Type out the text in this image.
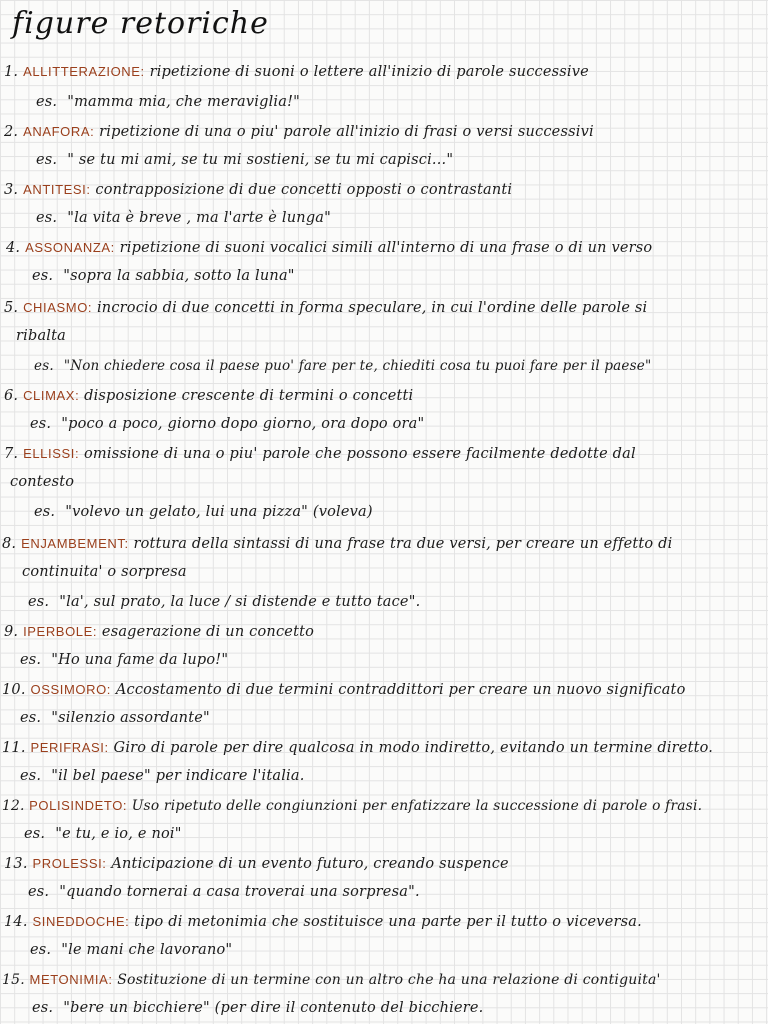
figure retoriche
1. ALLITTERAZIONE: ripetizione di suoni o lettere all'inizio di parole successive
es. "mamma mia, che meraviglia!"
2. ANAFORA: ripetizione di una o piu' parole all'inizio di frasi o versi successivi
es. " se tu mi ami, se tu mi sostieni, se tu mi capisci..."
3. ANTITESI: contrapposizione di due concetti opposti o contrastanti
es. "la vita è breve , ma l'arte è lunga"
4. ASSONANZA: ripetizione di suoni vocalici simili all'interno di una frase o di un verso
es. "sopra la sabbia, sotto la luna"
5. CHIASMO: incrocio di due concetti in forma speculare, in cui l'ordine delle parole si
ribalta
es. "Non chiedere cosa il paese puo' fare per te, chiediti cosa tu puoi fare per il paese"
6. CLIMAX: disposizione crescente di termini o concetti
es. "poco a poco, giorno dopo giorno, ora dopo ora"
7. ELLISSI: omissione di una o piu' parole che possono essere facilmente dedotte dal
contesto
es. "volevo un gelato, lui una pizza" (voleva)
8. ENJAMBEMENT: rottura della sintassi di una frase tra due versi, per creare un effetto di
continuita' o sorpresa
es. "la', sul prato, la luce / si distende e tutto tace".
9. IPERBOLE: esagerazione di un concetto
es. "Ho una fame da lupo!"
10. OSSIMORO: Accostamento di due termini contraddittori per creare un nuovo significato
es. "silenzio assordante"
11. PERIFRASI: Giro di parole per dire qualcosa in modo indiretto, evitando un termine diretto.
es. "il bel paese" per indicare l'italia.
12. POLISINDETO: Uso ripetuto delle congiunzioni per enfatizzare la successione di parole o frasi.
es. "e tu, e io, e noi"
13. PROLESSI: Anticipazione di un evento futuro, creando suspence
es. "quando tornerai a casa troverai una sorpresa".
14. SINEDDOCHE: tipo di metonimia che sostituisce una parte per il tutto o viceversa.
es. "le mani che lavorano"
15. METONIMIA: Sostituzione di un termine con un altro che ha una relazione di contiguita'
es. "bere un bicchiere" (per dire il contenuto del bicchiere.
